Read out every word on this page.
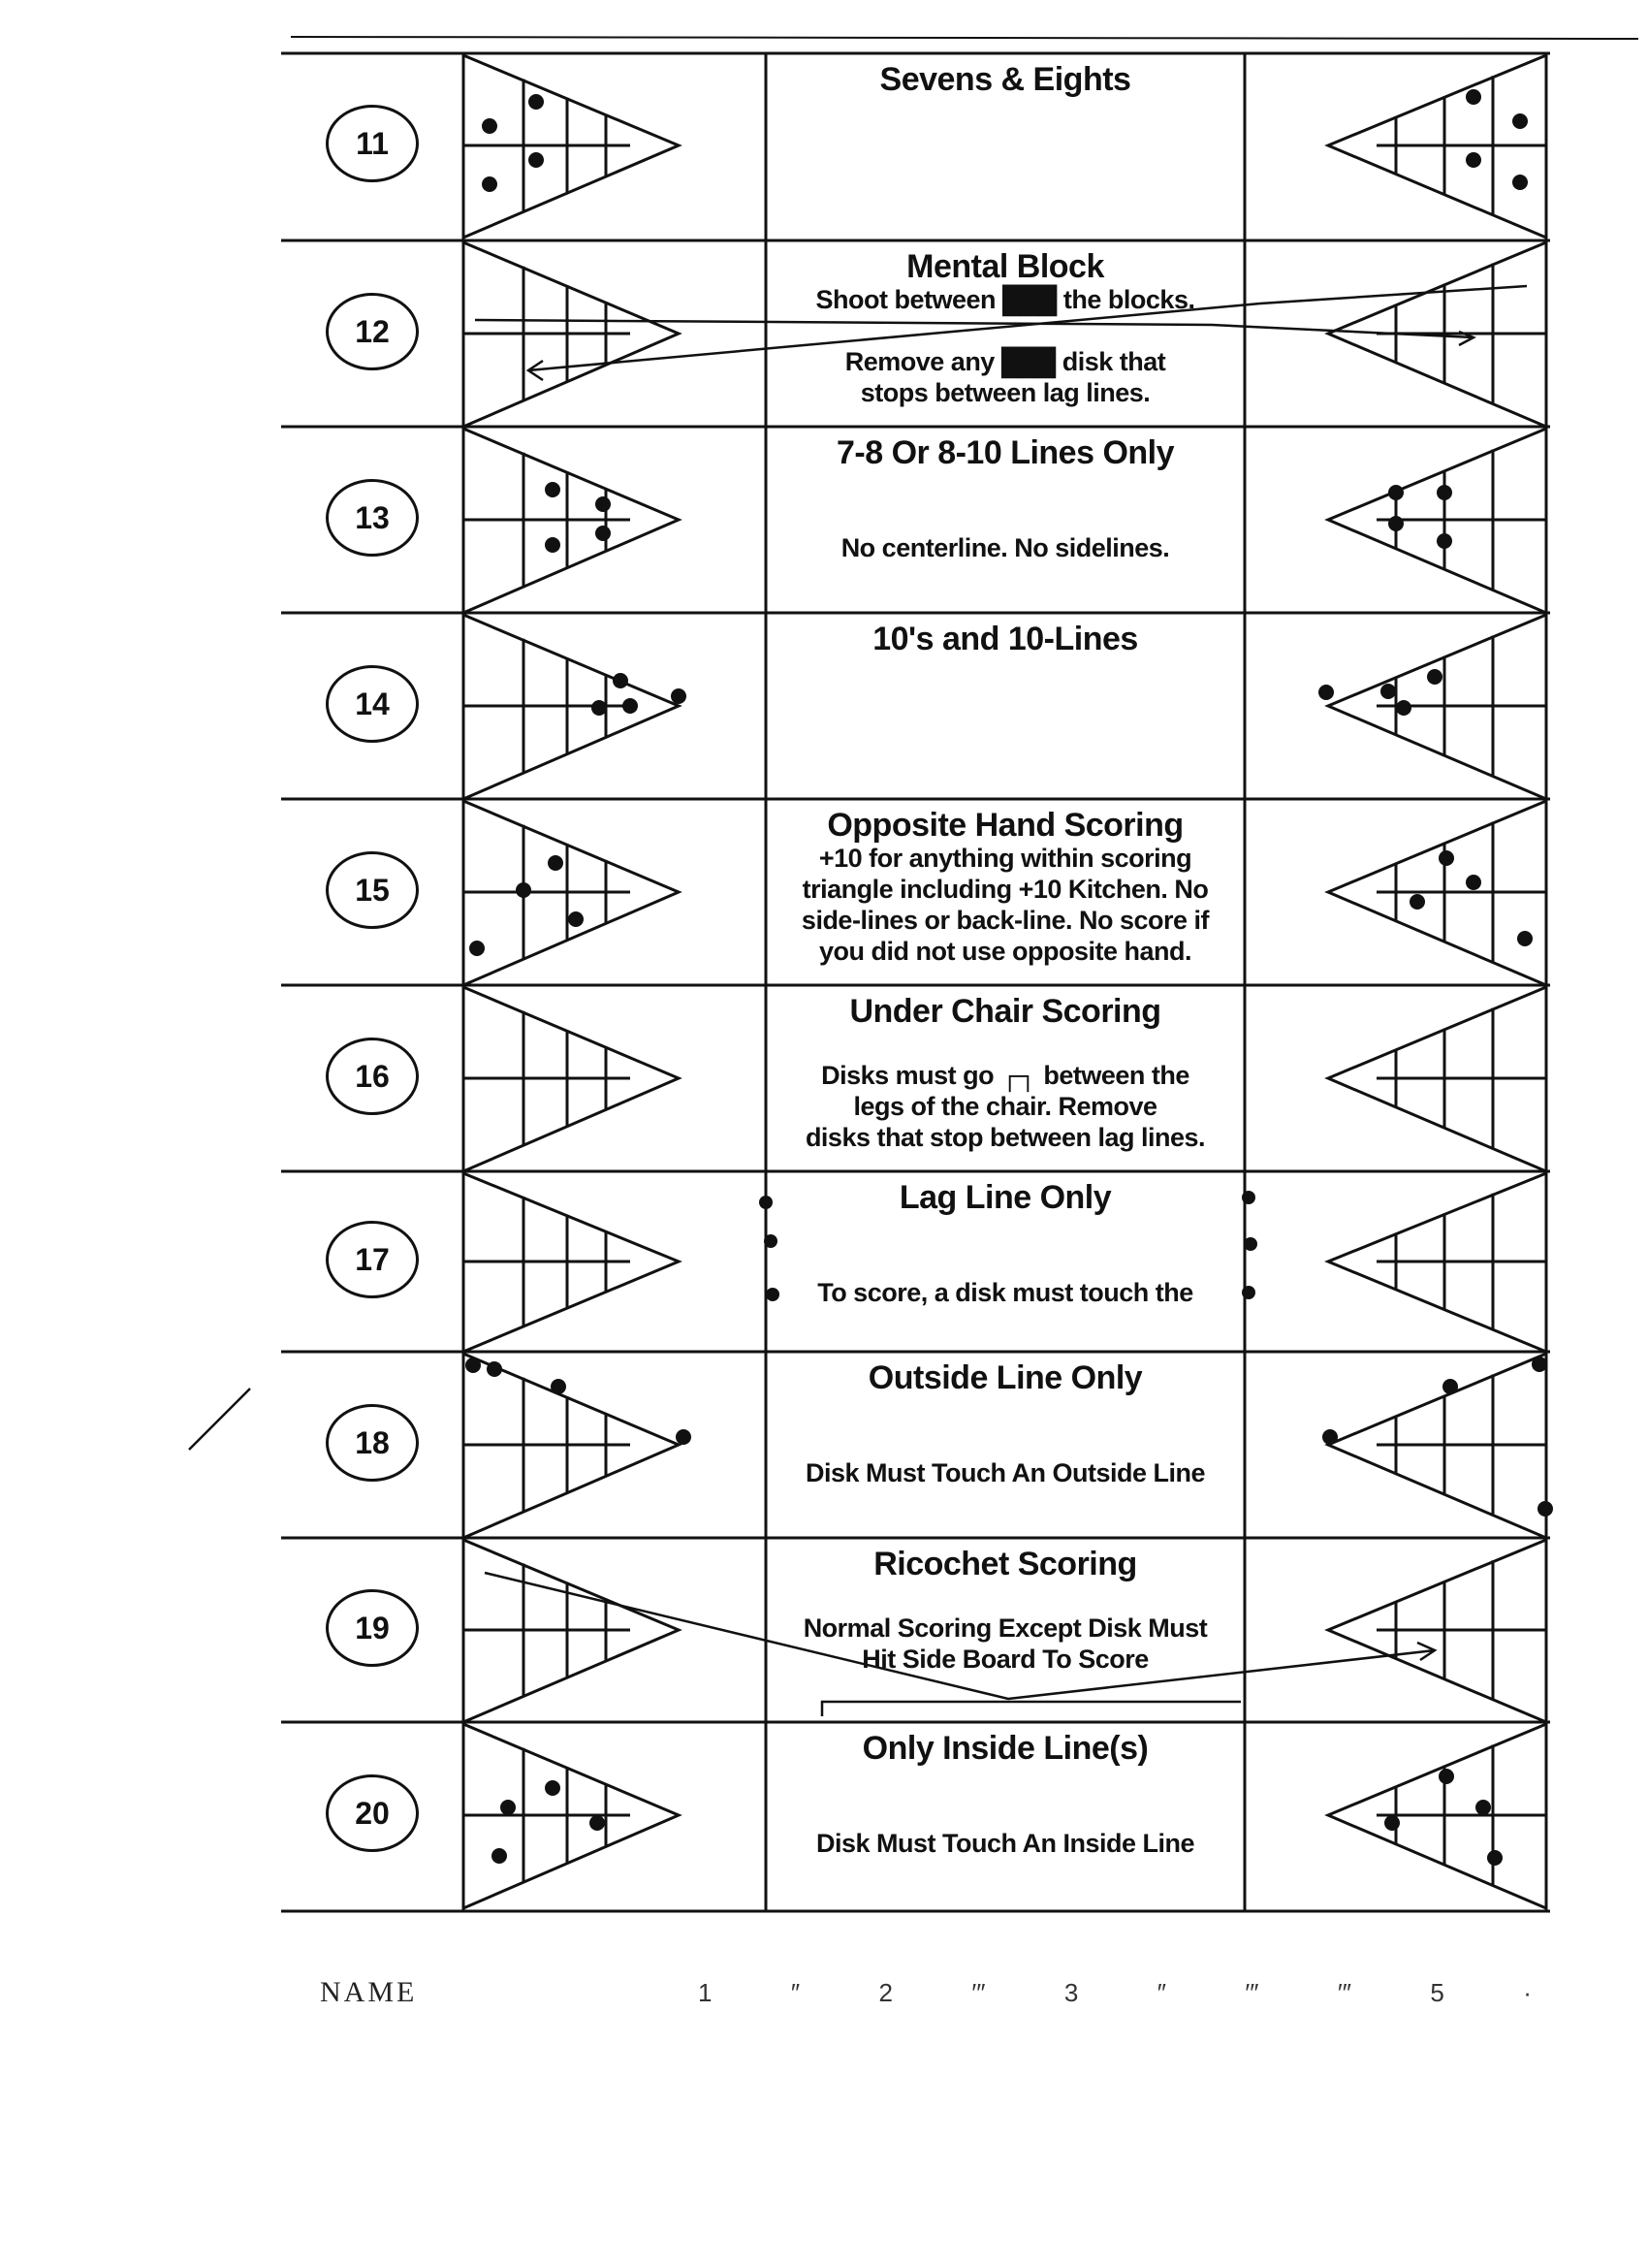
11
Sevens & Eights
12
Mental Block
Shoot between ███ the blocks.
Remove any ███ disk that
stops between lag lines.
13
7-8 Or 8-10 Lines Only
No centerline. No sidelines.
14
10's and 10-Lines
15
Opposite Hand Scoring
+10 for anything within scoring
triangle including +10 Kitchen. No
side-lines or back-line. No score if
you did not use opposite hand.
16
Under Chair Scoring
Disks must go ┌┐ between the
legs of the chair. Remove
disks that stop between lag lines.
17
Lag Line Only
To score, a disk must touch the
18
Outside Line Only
Disk Must Touch An Outside Line
19
Ricochet Scoring
Normal Scoring Except Disk Must
Hit Side Board To Score
20
Only Inside Line(s)
Disk Must Touch An Inside Line
NAME	1	″	2	′″	3	″	′″	′″	5	·
